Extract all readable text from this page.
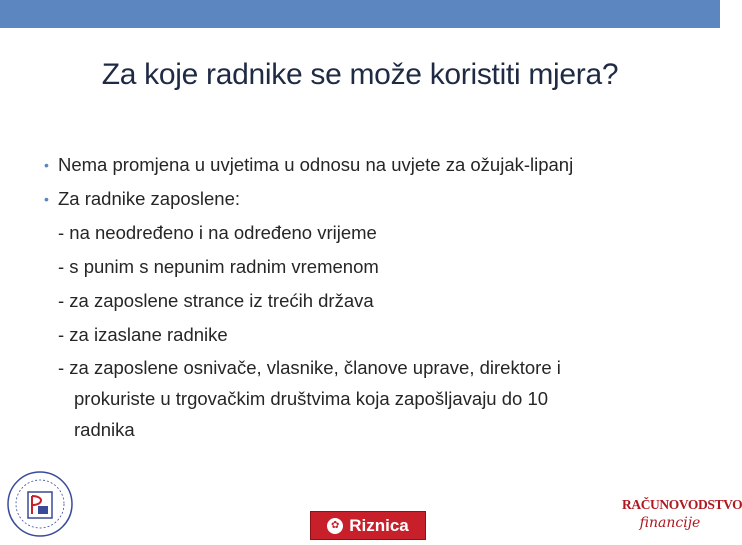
Za koje radnike se može koristiti mjera?
• Nema promjena u uvjetima u odnosu na uvjete za ožujak-lipanj
• Za radnike zaposlene:
- na neodređeno i na određeno vrijeme
- s punim s nepunim radnim vremenom
- za zaposlene strance iz trećih država
- za izaslane radnike
- za zaposlene osnivače, vlasnike, članove uprave, direktore i
prokuriste u trgovačkim društvima koja zapošljavaju do 10
radnika
✿ Riznica
RAČUNOVODSTVO
financije
